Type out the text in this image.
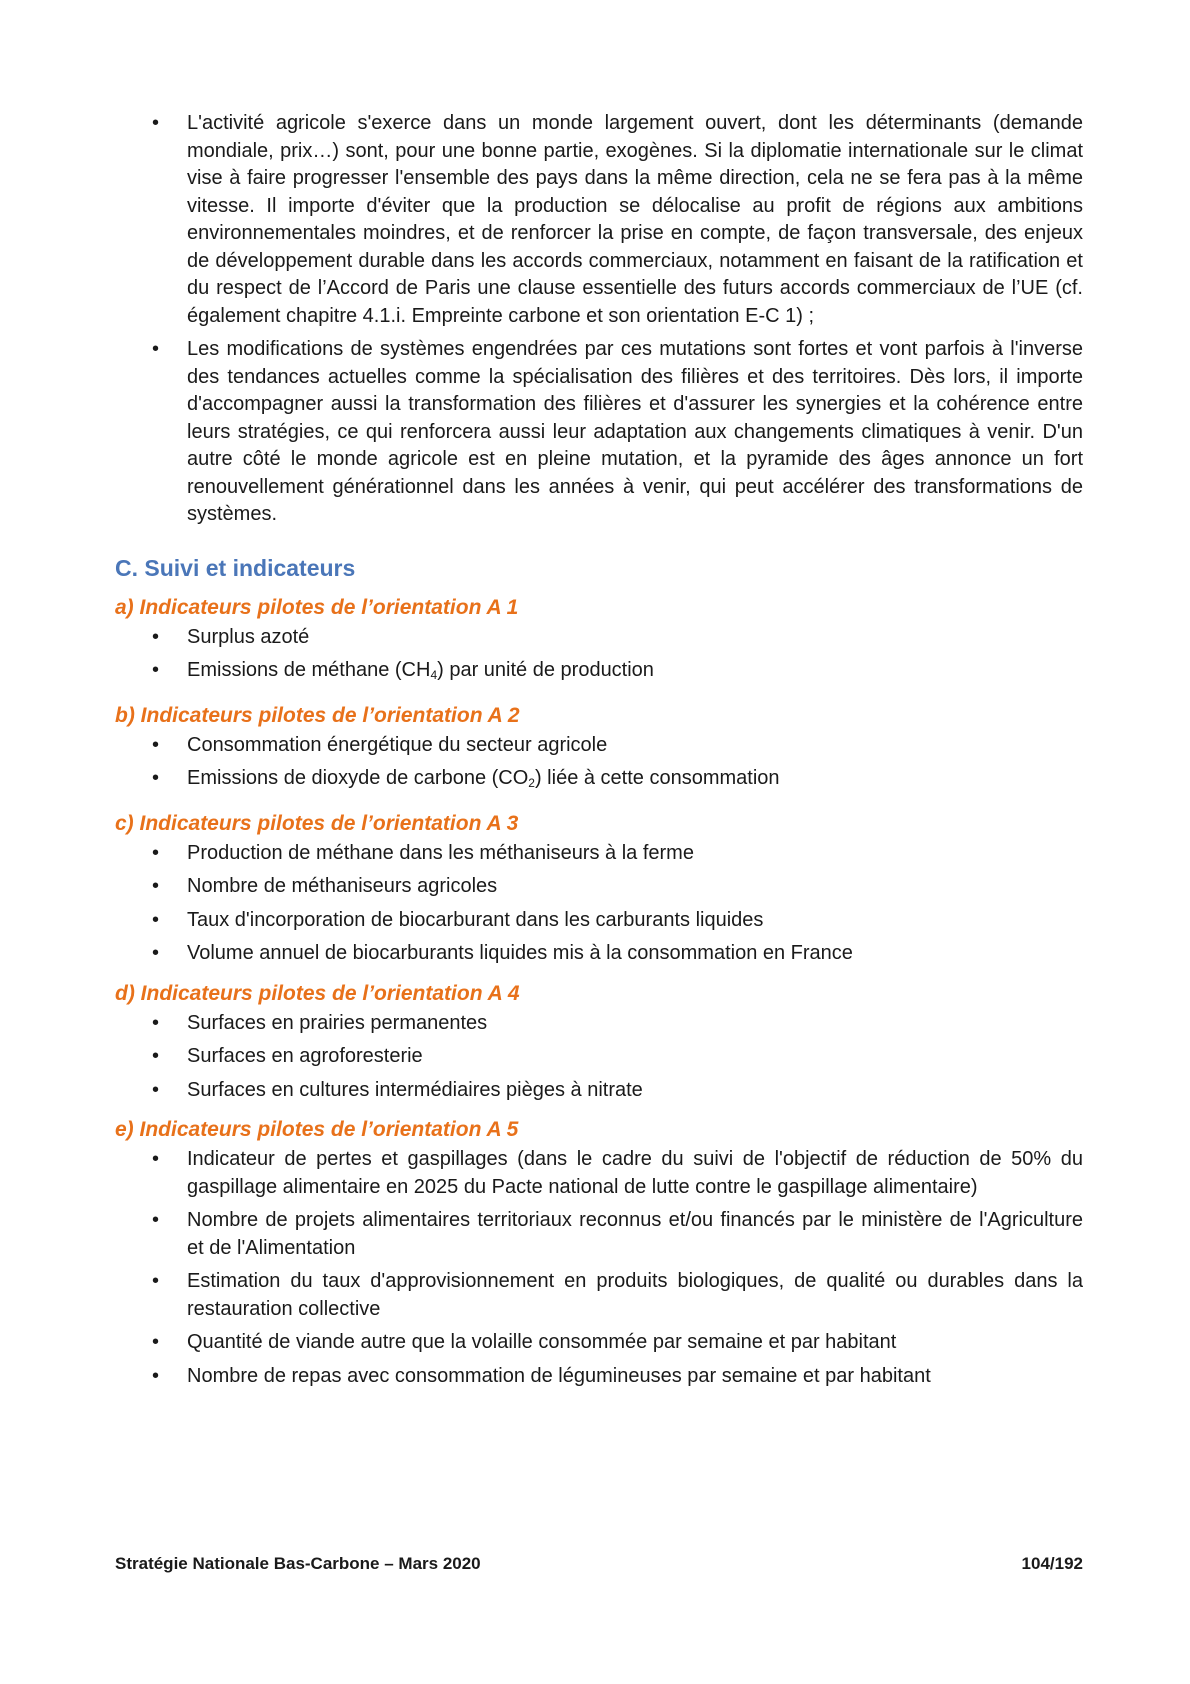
• L'activité agricole s'exerce dans un monde largement ouvert, dont les déterminants (demande mondiale, prix…) sont, pour une bonne partie, exogènes. Si la diplomatie internationale sur le climat vise à faire progresser l'ensemble des pays dans la même direction, cela ne se fera pas à la même vitesse. Il importe d'éviter que la production se délocalise au profit de régions aux ambitions environnementales moindres, et de renforcer la prise en compte, de façon transversale, des enjeux de développement durable dans les accords commerciaux, notamment en faisant de la ratification et du respect de l’Accord de Paris une clause essentielle des futurs accords commerciaux de l’UE (cf. également chapitre 4.1.i. Empreinte carbone et son orientation E-C 1) ;
• Les modifications de systèmes engendrées par ces mutations sont fortes et vont parfois à l'inverse des tendances actuelles comme la spécialisation des filières et des territoires. Dès lors, il importe d'accompagner aussi la transformation des filières et d'assurer les synergies et la cohérence entre leurs stratégies, ce qui renforcera aussi leur adaptation aux changements climatiques à venir. D'un autre côté le monde agricole est en pleine mutation, et la pyramide des âges annonce un fort renouvellement générationnel dans les années à venir, qui peut accélérer des transformations de systèmes.
C. Suivi et indicateurs
a) Indicateurs pilotes de l’orientation A 1
• Surplus azoté
• Emissions de méthane $(CH_4)$ par unité de production
b) Indicateurs pilotes de l’orientation A 2
• Consommation énergétique du secteur agricole
• Emissions de dioxyde de carbone $(CO_2)$ liée à cette consommation
c) Indicateurs pilotes de l’orientation A 3
• Production de méthane dans les méthaniseurs à la ferme
• Nombre de méthaniseurs agricoles
• Taux d'incorporation de biocarburant dans les carburants liquides
• Volume annuel de biocarburants liquides mis à la consommation en France
d) Indicateurs pilotes de l’orientation A 4
• Surfaces en prairies permanentes
• Surfaces en agroforesterie
• Surfaces en cultures intermédiaires pièges à nitrate
e) Indicateurs pilotes de l’orientation A 5
• Indicateur de pertes et gaspillages (dans le cadre du suivi de l'objectif de réduction de 50% du gaspillage alimentaire en 2025 du Pacte national de lutte contre le gaspillage alimentaire)
• Nombre de projets alimentaires territoriaux reconnus et/ou financés par le ministère de l'Agriculture et de l'Alimentation
• Estimation du taux d'approvisionnement en produits biologiques, de qualité ou durables dans la restauration collective
• Quantité de viande autre que la volaille consommée par semaine et par habitant
• Nombre de repas avec consommation de légumineuses par semaine et par habitant
Stratégie Nationale Bas-Carbone – Mars 2020	104/192
